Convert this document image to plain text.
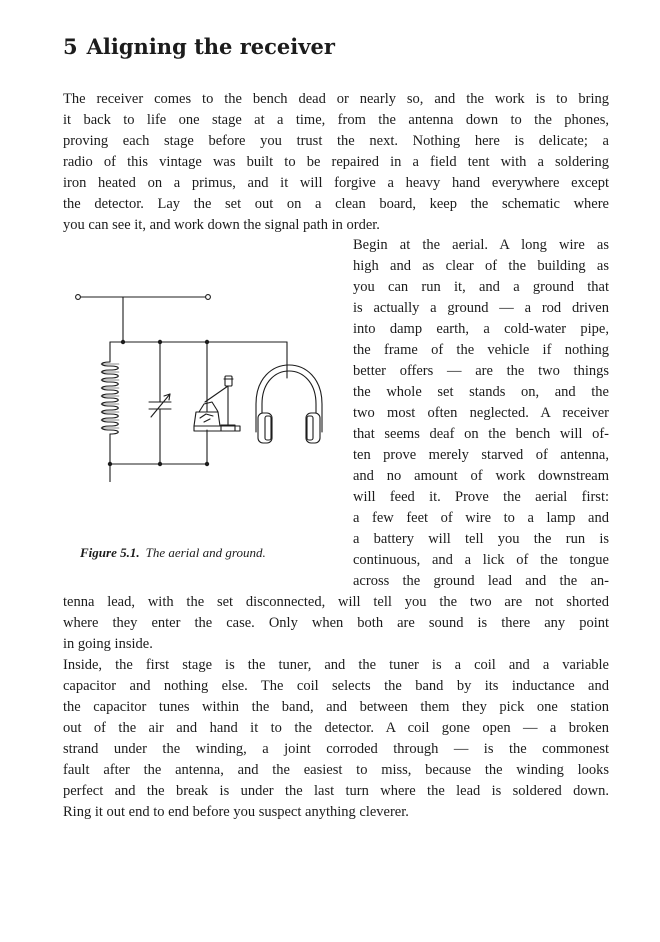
5 Aligning the receiver
The receiver comes to the bench dead or nearly so, and the work is to bring
it back to life one stage at a time, from the antenna down to the phones,
proving each stage before you trust the next. Nothing here is delicate; a
radio of this vintage was built to be repaired in a field tent with a soldering
iron heated on a primus, and it will forgive a heavy hand everywhere except
the detector. Lay the set out on a clean board, keep the schematic where
you can see it, and work down the signal path in order.
Begin at the aerial. A long wire as
high and as clear of the building as
you can run it, and a ground that
is actually a ground — a rod driven
into damp earth, a cold-water pipe,
the frame of the vehicle if nothing
better offers — are the two things
the whole set stands on, and the
two most often neglected. A receiver
that seems deaf on the bench will of-
ten prove merely starved of antenna,
and no amount of work downstream
will feed it. Prove the aerial first:
a few feet of wire to a lamp and
a battery will tell you the run is
continuous, and a lick of the tongue
across the ground lead and the an-
tenna lead, with the set disconnected, will tell you the two are not shorted
where they enter the case. Only when both are sound is there any point
in going inside.
Inside, the first stage is the tuner, and the tuner is a coil and a variable
capacitor and nothing else. The coil selects the band by its inductance and
the capacitor tunes within the band, and between them they pick one station
out of the air and hand it to the detector. A coil gone open — a broken
strand under the winding, a joint corroded through — is the commonest
fault after the antenna, and the easiest to miss, because the winding looks
perfect and the break is under the last turn where the lead is soldered down.
Ring it out end to end before you suspect anything cleverer.
Figure 5.1. The aerial and ground.
